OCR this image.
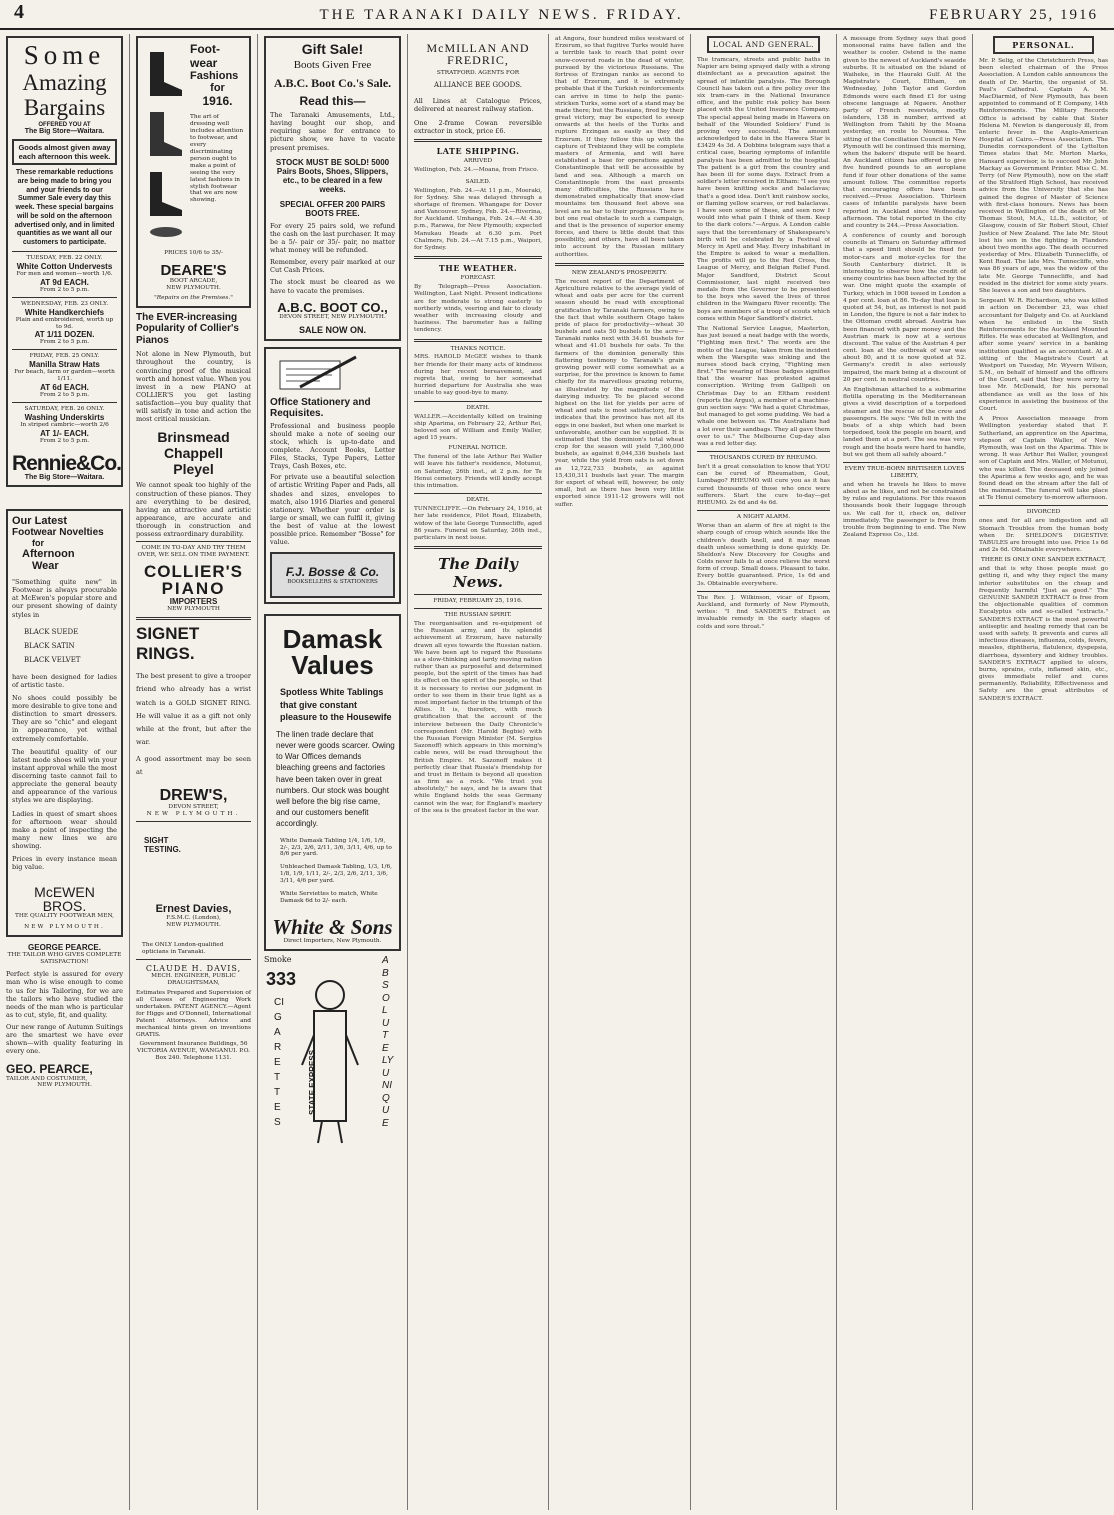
4	THE TARANAKI DAILY NEWS. FRIDAY.	FEBRUARY 25, 1916
Some
Amazing
Bargains
OFFERED YOU AT
The Big Store—Waitara.
Goods almost given away each afternoon this week.
These remarkable reductions are being made to bring you and your friends to our Summer Sale every day this week. These special bargains will be sold on the afternoon advertised only, and in limited quantities as we want all our customers to participate.
TUESDAY, FEB. 22 ONLY.
White Cotton Undervests
For men and women—worth 1/6.
AT 9d EACH.
From 2 to 5 p.m.
WEDNESDAY, FEB. 23 ONLY.
White Handkerchiefs
Plain and embroidered, worth up to 9d.
AT 1/11 DOZEN.
From 2 to 5 p.m.
FRIDAY, FEB. 25 ONLY.
Manilla Straw Hats
For beach, farm or garden—worth 1/11.
AT 6d EACH.
From 2 to 5 p.m.
SATURDAY, FEB. 26 ONLY.
Washing Underskirts
In striped cambric—worth 2/6
AT 1/- EACH.
From 2 to 5 p.m.
Rennie&Co.
The Big Store—Waitara.
Our Latest
Footwear Novelties
for
Afternoon
Wear
"Something quite new" in Footwear is always procurable at McEwen's popular store and our present showing of dainty styles in
BLACK SUEDE
BLACK SATIN
BLACK VELVET
have been designed for ladies of artistic taste.
No shoes could possibly be more desirable to give tone and distinction to smart dressers. They are so "chic" and elegant in appearance, yet withal extremely comfortable.
The beautiful quality of our latest mode shoes will win your instant approval while the most discerning taste cannot fail to appreciate the general beauty and appearance of the various styles we are displaying.
Ladies in quest of smart shoes for afternoon wear should make a point of inspecting the many new lines we are showing.
Prices in every instance mean big value.
McEWEN BROS.
THE QUALITY FOOTWEAR MEN,
NEW PLYMOUTH.
GEORGE PEARCE.
THE TAILOR WHO GIVES COMPLETE SATISFACTION!
Perfect style is assured for every man who is wise enough to come to us for his Tailoring, for we are the tailors who have studied the needs of the man who is particular as to cut, style, fit, and quality.
Our new range of Autumn Suitings are the smartest we have ever shown—with quality featuring in every one.
GEO. PEARCE,
TAILOR AND COSTUMIER,
NEW PLYMOUTH.
Foot-
wear
Fashions
for
1916.
The art of dressing well includes attention to footwear, and every discriminating person ought to make a point of seeing the very latest fashions in stylish footwear that we are now showing.
PRICES 10/6 to 35/-
DEARE'S
BOOT ARCADE,
NEW PLYMOUTH.
"Repairs on the Premises."
The EVER-increasing Popularity of Collier's Pianos
Not alone in New Plymouth, but throughout the country, is convincing proof of the musical worth and honest value. When you invest in a new PIANO at COLLIER'S you get lasting satisfaction—you buy quality that will satisfy in tone and action the most critical musician.
Brinsmead
Chappell
Pleyel
We cannot speak too highly of the construction of these pianos. They are everything to be desired, having an attractive and artistic appearance, are accurate and thorough in construction and possess extraordinary durability.
COME IN TO-DAY AND TRY THEM OVER, WE SELL ON TIME PAYMENT.
COLLIER'S
PIANO
IMPORTERS
NEW PLYMOUTH
SIGNET
RINGS.
The best present to give a trooper friend who already has a wrist watch is a GOLD SIGNET RING. He will value it as a gift not only while at the front, but after the war.
A good assortment may be seen at
DREW'S,
DEVON STREET,
NEW PLYMOUTH.
SIGHT
TESTING.
Ernest Davies,
F.S.M.C. (London),
NEW PLYMOUTH.
The ONLY London-qualified opticians in Taranaki.
CLAUDE H. DAVIS,
MECH. ENGINEER, PUBLIC DRAUGHTSMAN,
Estimates Prepared and Supervision of all Classes of Engineering Work undertaken. PATENT AGENCY.—Agent for Higgs and O'Donnell, International Patent Attorneys. Advice and mechanical hints given on inventions GRATIS.
Government Insurance Buildings, 56 VICTORIA AVENUE, WANGANUI. P.O. Box 240. Telephone 1131.
Gift Sale!
Boots Given Free
A.B.C. Boot Co.'s Sale.
Read this—
The Taranaki Amusements, Ltd., having bought our shop, and requiring same for entrance to picture show, we have to vacate present premises.
STOCK MUST BE SOLD! 5000 Pairs Boots, Shoes, Slippers, etc., to be cleared in a few weeks.
SPECIAL OFFER 200 PAIRS BOOTS FREE.
For every 25 pairs sold, we refund the cash on the last purchaser. It may be a 5/- pair or 35/- pair, no matter what money will be refunded.
Remember, every pair marked at our Cut Cash Prices.
The stock must be cleared as we have to vacate the premises.
A.B.C. BOOT CO.,
DEVON STREET, NEW PLYMOUTH.
SALE NOW ON.
Office Stationery and Requisites.
Professional and business people should make a note of seeing our stock, which is up-to-date and complete. Account Books, Letter Files, Stacks, Type Papers, Letter Trays, Cash Boxes, etc.
For private use a beautiful selection of artistic Writing Paper and Pads, all shades and sizes, envelopes to match, also 1916 Diaries and general stationery. Whether your order is large or small, we can fulfil it, giving the best of value at the lowest possible price. Remember "Bosse" for value.
F.J. Bosse & Co.
BOOKSELLERS & STATIONERS
Damask
Values
Spotless White Tablings that give constant pleasure to the Housewife
The linen trade declare that never were goods scarcer. Owing to War Offices demands bleaching greens and factories have been taken over in great numbers. Our stock was bought well before the big rise came, and our customers benefit accordingly.
White Damask Tabling 1/4, 1/6, 1/9, 2/-, 2/3, 2/6, 2/11, 3/6, 3/11, 4/6, up to 8/6 per yard.
Unbleached Damask Tabling, 1/3, 1/6, 1/8, 1/9, 1/11, 2/-, 2/3, 2/6, 2/11, 3/6, 3/11, 4/6 per yard.
White Serviettes to match, White Damask 6d to 2/- each.
White & Sons
Direct Importers, New Plymouth.
Smoke
333
CIGARETTES
STATE EXPRESS
ABSOLUTELY UNIQUE
McMILLAN AND
FREDRIC,
STRATFORD. AGENTS FOR
ALLIANCE BEE GOODS.
All Lines at Catalogue Prices, delivered at nearest railway station.
One 2-frame Cowan reversible extractor in stock, price £6.
LATE SHIPPING.
ARRIVED
Wellington, Feb. 24.—Moana, from Frisco.
SAILED.
Wellington, Feb. 24.—At 11 p.m., Moeraki, for Sydney. She was delayed through a shortage of firemen. Whangape for Dover and Vancouver. Sydney, Feb. 24.—Riverina, for Auckland. Umhanga, Feb. 24.—At 4.30 p.m., Rarawa, for New Plymouth; expected Manukau Heads at 6.30 p.m. Port Chalmers, Feb. 24.—At 7.15 p.m., Waipori, for Sydney.
THE WEATHER.
FORECAST.
By Telegraph—Press Association. Wellington, Last Night. Present indications are for moderate to strong easterly to northerly winds, veering and fair to cloudy weather with increasing cloudy and haziness. The barometer has a falling tendency.
THANKS NOTICE.
MRS. HAROLD McGEE wishes to thank her friends for their many acts of kindness during her recent bereavement, and regrets that, owing to her somewhat hurried departure for Australia she was unable to say good-bye to many.
DEATH.
WALLER.—Accidentally killed on training ship Aparima, on February 22, Arthur Rei, beloved son of William and Emily Waller, aged 15 years.
FUNERAL NOTICE.
The funeral of the late Arthur Rei Waller will leave his father's residence, Motunui, on Saturday, 26th inst., at 2 p.m. for Te Henui cemetery. Friends will kindly accept this intimation.
DEATH.
TUNNECLIFFE.—On February 24, 1916, at her late residence, Pilot Road, Elizabeth, widow of the late George Tunnecliffe, aged 86 years. Funeral on Saturday, 26th inst., particulars in next issue.
The Daily News.
FRIDAY, FEBRUARY 25, 1916.
THE RUSSIAN SPIRIT.
The reorganisation and re-equipment of the Russian army, and its splendid achievement at Erzerum, have naturally drawn all eyes towards the Russian nation. We have been apt to regard the Russians as a slow-thinking and tardy moving nation rather than as purposeful and determined people, but the spirit of the times has had its effect on the spirit of the people, so that it is necessary to revise our judgment in order to see them in their true light as a most important factor in the triumph of the Allies. It is, therefore, with much gratification that the account of the interview between the Daily Chronicle's correspondent (Mr. Harold Begbie) with the Russian Foreign Minister (M. Sergius Sazonoff) which appears in this morning's cable news, will be read throughout the British Empire. M. Sazonoff makes it perfectly clear that Russia's friendship for and trust in Britain is beyond all question as firm as a rock. "We trust you absolutely," he says, and he is aware that while England holds the seas Germany cannot win the war, for England's mastery of the sea is the greatest factor in the war.
at Angora, four hundred miles westward of Erzerum, so that fugitive Turks would have a terrible task to reach that point over snow-covered roads in the dead of winter, pursued by the victorious Russians. The fortress of Erzingan ranks as second to that of Erzerum, and it is extremely probable that if the Turkish reinforcements can arrive in time to help the panic-stricken Turks, some sort of a stand may be made there; but the Russians, fired by their great victory, may be expected to sweep onwards at the heels of the Turks and rupture Erzingan as easily as they did Erzerum. If they follow this up with the capture of Trebizond they will be complete masters of Armenia, and will have established a base for operations against Constantinople that will be accessible by land and sea. Although a march on Constantinople from the east presents many difficulties, the Russians have demonstrated emphatically that snow-clad mountains ten thousand feet above sea level are no bar to their progress. There is but one real obstacle to such a campaign, and that is the presence of superior enemy forces, and there is little doubt that this possibility, and others, have all been taken into account by the Russian military authorities.
NEW ZEALAND'S PROSPERITY.
The recent report of the Department of Agriculture relative to the average yield of wheat and oats per acre for the current season should be read with exceptional gratification by Taranaki farmers, owing to the fact that while southern Otago takes pride of place for productivity—wheat 30 bushels and oats 50 bushels to the acre—Taranaki ranks next with 34.61 bushels for wheat and 41.01 bushels for oats. To the farmers of the dominion generally this flattering testimony to Taranaki's grain growing power will come somewhat as a surprise, for the province is known to fame chiefly for its marvellous grazing returns, as illustrated by the magnitude of the dairying industry. To be placed second highest on the list for yields per acre of wheat and oats is most satisfactory, for it indicates that the province has not all its eggs in one basket, but when one market is unfavorable, another can be supplied. It is estimated that the dominion's total wheat crop for the season will yield 7,360,000 bushels, as against 6,044,336 bushels last year, while the yield from oats is set down as 12,722,733 bushels, as against 15,430,311 bushels last year. The margin for export of wheat will, however, be only small, but as there has been very little exported since 1911-12 growers will not suffer.
LOCAL AND GENERAL.
The tramcars, streets and public baths in Napier are being sprayed daily with a strong disinfectant as a precaution against the spread of infantile paralysis. The Borough Council has taken out a fire policy over the six tram-cars in the National Insurance office, and the public risk policy has been placed with the United Insurance Company. The special appeal being made in Hawera on behalf of the Wounded Soldiers' Fund is proving very successful. The amount acknowledged to date in the Hawera Star is £3429 4s 3d. A Dobbins telegram says that a critical case, bearing symptoms of infantile paralysis has been admitted to the hospital. The patient is a girl from the country and has been ill for some days. Extract from a soldier's letter received in Eltham: "I see you have been knitting socks and balaclavas; that's a good idea. Don't knit rainbow socks, or flaming yellow scarves, or red balaclavas. I have seen some of these, and seen now I would into what pain I think of them. Keep to the dark colors."—Argus. A London cable says that the tercentenary of Shakespeare's birth will be celebrated by a Festival of Mercy in April and May. Every inhabitant in the Empire is asked to wear a medallion. The profits will go to the Red Cross, the League of Mercy, and Belgian Relief Fund. Major Sandford, District Scout Commissioner, last night received two medals from the Governor to be presented to the boys who saved the lives of three children in the Waingaru River recently. The boys are members of a troop of scouts which comes within Major Sandford's district.
The National Service League, Masterton, has just issued a neat badge with the words, "Fighting men first." The words are the motto of the League, taken from the incident when the Warspite was sinking and the nurses stood back crying, "Fighting men first." The wearing of these badges signifies that the wearer has protested against conscription. Writing from Gallipoli on Christmas Day to an Eltham resident (reports the Argus), a member of a machine-gun section says: "We had a quiet Christmas, but managed to get some pudding. We had a whale one between us. The Australians had a lot over their sandbags. They all gave them over to us." The Melbourne Cup-day also was a red letter day.
THOUSANDS CURED BY RHEUMO.
Isn't it a great consolation to know that YOU can be cured of Rheumatism, Gout, Lumbago? RHEUMO will cure you as it has cured thousands of those who once were sufferers. Start the cure to-day—get RHEUMO. 2s 6d and 4s 6d.
A NIGHT ALARM.
Worse than an alarm of fire at night is the sharp cough of croup which sounds like the children's death knell, and it may mean death unless something is done quickly. Dr. Sheldon's New Discovery for Coughs and Colds never fails to at once relieve the worst form of croup. Small doses. Pleasant to take. Every bottle guaranteed. Price, 1s 6d and 3s. Obtainable everywhere.
The Rev. J. Wilkinson, vicar of Epsom, Auckland, and formerly of New Plymouth, writes: "I find SANDER'S Extract an invaluable remedy in the early stages of colds and sore throat."
A message from Sydney says that good monsoonal rains have fallen and the weather is cooler. Ostend is the name given to the newest of Auckland's seaside suburbs. It is situated on the island of Waiheke, in the Hauraki Gulf. At the Magistrate's Court, Eltham, on Wednesday, John Taylor and Gordon Edmonds were each fined £1 for using obscene language at Ngaere. Another party of French reservists, mostly islanders, 138 in number, arrived at Wellington from Tahiti by the Moana yesterday, en route to Noumea. The sitting of the Conciliation Council in New Plymouth will be continued this morning, when the bakers' dispute will be heard. An Auckland citizen has offered to give five hundred pounds to an aeroplane fund if four other donations of the same amount follow. The committee reports that encouraging offers have been received.—Press Association. Thirteen cases of infantile paralysis have been reported in Auckland since Wednesday afternoon. The total reported in the city and country is 244.—Press Association.
A conference of county and borough councils at Timaru on Saturday affirmed that a speed limit should be fixed for motor-cars and motor-cycles for the South Canterbury district. It is interesting to observe how the credit of enemy countries has been affected by the war. One might quote the example of Turkey, which in 1908 issued in London a 4 per cent. loan at 86. To-day that loan is quoted at 54, but, as interest is not paid in London, the figure is not a fair index to the Ottoman credit abroad. Austria has been financed with paper money and the Austrian mark is now at a serious discount. The value of the Austrian 4 per cent. loan at the outbreak of war was about 80, and it is now quoted at 52. Germany's credit is also seriously impaired, the mark being at a discount of 20 per cent. in neutral countries.
An Englishman attached to a submarine flotilla operating in the Mediterranean gives a vivid description of a torpedoed steamer and the rescue of the crew and passengers. He says: "We fell in with the boats of a ship which had been torpedoed, took the people on board, and landed them at a port. The sea was very rough and the boats were hard to handle, but we got them all safely aboard."
EVERY TRUE-BORN BRITISHER LOVES LIBERTY,
and when he travels he likes to move about as he likes, and not be constrained by rules and regulations. For this reason thousands book their luggage through us. We call for it, check on, deliver immediately. The passenger is free from trouble from beginning to end. The New Zealand Express Co., Ltd.
PERSONAL.
Mr. P. Selig, of the Christchurch Press, has been elected chairman of the Press Association. A London cable announces the death of Dr. Martin, the organist of St. Paul's Cathedral. Captain A. M. MacDiarmid, of New Plymouth, has been appointed to command of E Company, 14th Reinforcements. The Military Records Office is advised by cable that Sister Helena M. Newton is dangerously ill, from enteric fever in the Anglo-American Hospital at Cairo.—Press Association. The Dunedin correspondent of the Lyttelton Times states that Mr. Morton Marks, Hansard supervisor, is to succeed Mr. John Mackay as Government Printer. Miss C. M. Terry (of New Plymouth), now on the staff of the Stratford High School, has received advice from the University that she has gained the degree of Master of Science with first-class honours. News has been received in Wellington of the death of Mr. Thomas Stout, M.A., LL.B., solicitor, of Glasgow, cousin of Sir Robert Stout, Chief Justice of New Zealand. The late Mr. Stout lost his son in the fighting in Flanders about two months ago. The death occurred yesterday of Mrs. Elizabeth Tunnecliffe, of Kent Road. The late Mrs. Tunnecliffe, who was 86 years of age, was the widow of the late Mr. George Tunnecliffe, and had resided in the district for some sixty years. She leaves a son and two daughters.
Sergeant W. R. Richardson, who was killed in action on December 23, was chief accountant for Dalgety and Co. at Auckland when he enlisted in the Sixth Reinforcements for the Auckland Mounted Rifles. He was educated at Wellington, and after some years' service in a banking institution qualified as an accountant. At a sitting of the Magistrate's Court at Westport on Tuesday, Mr. Wyvern Wilson, S.M., on behalf of himself and the officers of the Court, said that they were sorry to lose Mr. McDonald, for his personal attendance as well as the loss of his experience in assisting the business of the Court.
A Press Association message from Wellington yesterday stated that F. Sutherland, an apprentice on the Aparima, stepson of Captain Waller, of New Plymouth, was lost on the Aparima. This is wrong. It was Arthur Rei Waller, youngest son of Captain and Mrs. Waller, of Motunui, who was killed. The deceased only joined the Aparima a few weeks ago, and he was found dead on the stream after the fall of the mainmast. The funeral will take place at Te Henui cemetery to-morrow afternoon.
DIVORCED
ones and for all are indigestion and all Stomach Troubles from the human body when Dr. SHELDON'S DIGESTIVE TABULES are brought into use. Price 1s 6d and 2s 6d. Obtainable everywhere.
THERE IS ONLY ONE SANDER EXTRACT,
and that is why those people must go getting it, and why they reject the many inferior substitutes on the cheap and frequently harmful "Just as good." The GENUINE SANDER EXTRACT is free from the objectionable qualities of common Eucalyptus oils and so-called "extracts." SANDER'S EXTRACT is the most powerful antiseptic and healing remedy that can be used with safety. It prevents and cures all infectious diseases, influenza, colds, fevers, measles, diphtheria, flatulence, dyspepsia, diarrhoea, dysentery and kidney troubles. SANDER'S EXTRACT applied to ulcers, burns, sprains, cuts, inflamed skin, etc., gives immediate relief and cures permanently. Reliability, Effectiveness and Safety are the great attributes of SANDER'S EXTRACT.
